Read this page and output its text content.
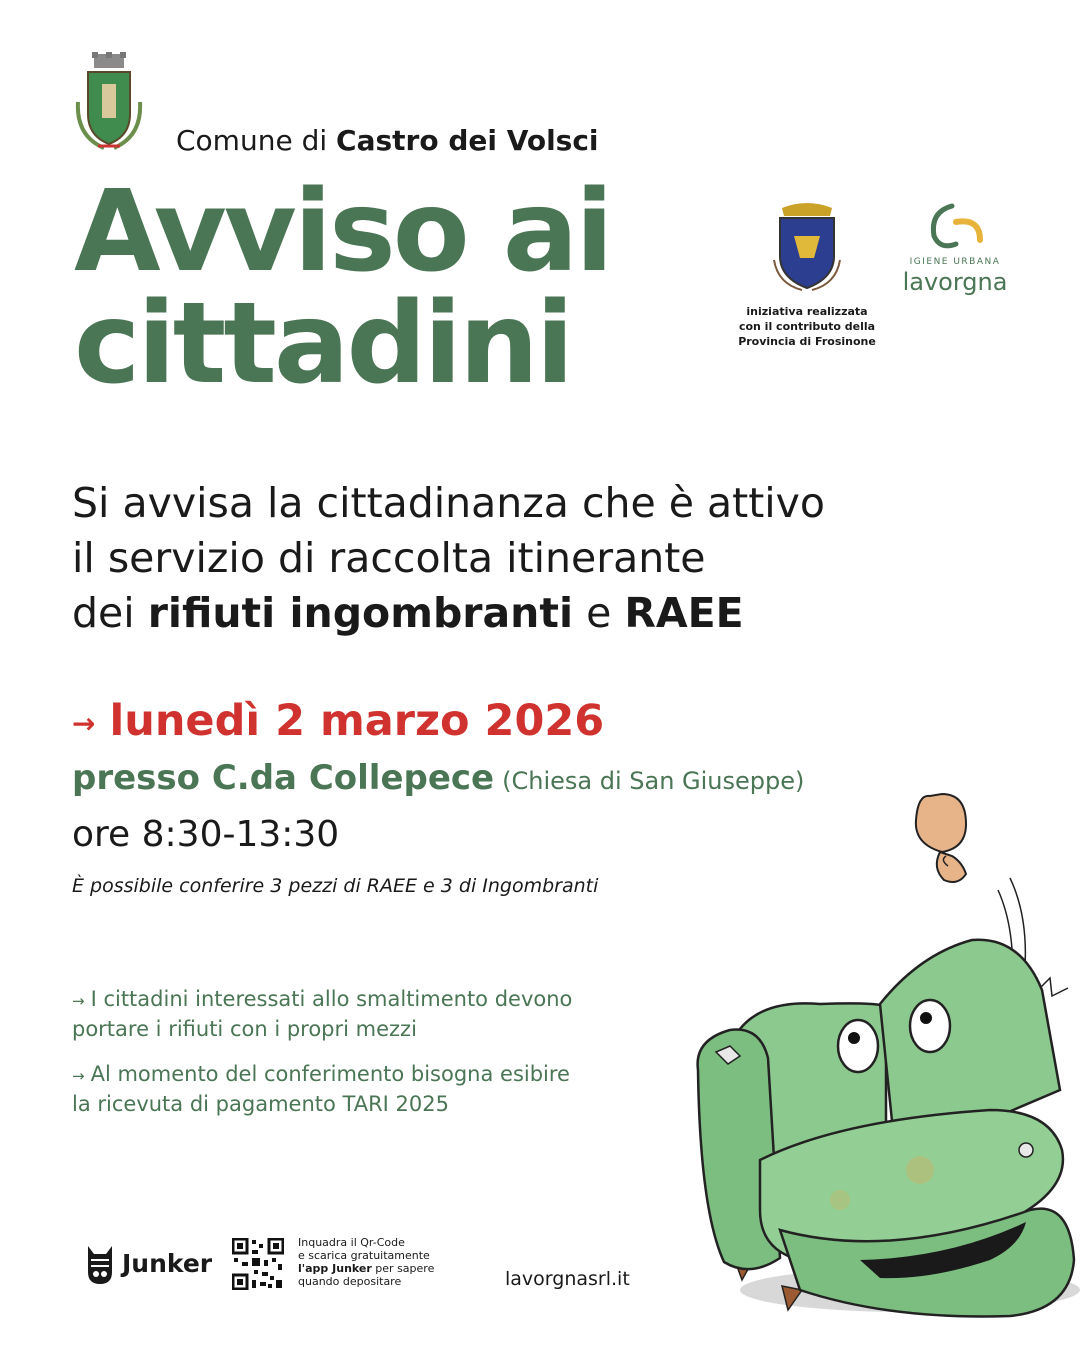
Comune di Castro dei Volsci
Avviso ai
cittadini	iniziativa realizzata
con il contributo della
Provincia di Frosinone
IGIENE URBANA
lavorgna
Si avvisa la cittadinanza che è attivo
il servizio di raccolta itinerante
dei rifiuti ingombranti e RAEE
→ lunedì 2 marzo 2026
presso C.da Collepece (Chiesa di San Giuseppe)
ore 8:30-13:30
È possibile conferire 3 pezzi di RAEE e 3 di Ingombranti
→ I cittadini interessati allo smaltimento devono
portare i rifiuti con i propri mezzi
→ Al momento del conferimento bisogna esibire
la ricevuta di pagamento TARI 2025
Junker
Inquadra il Qr-Code
e scarica gratuitamente
l'app Junker per sapere
quando depositare	lavorgnasrl.it
